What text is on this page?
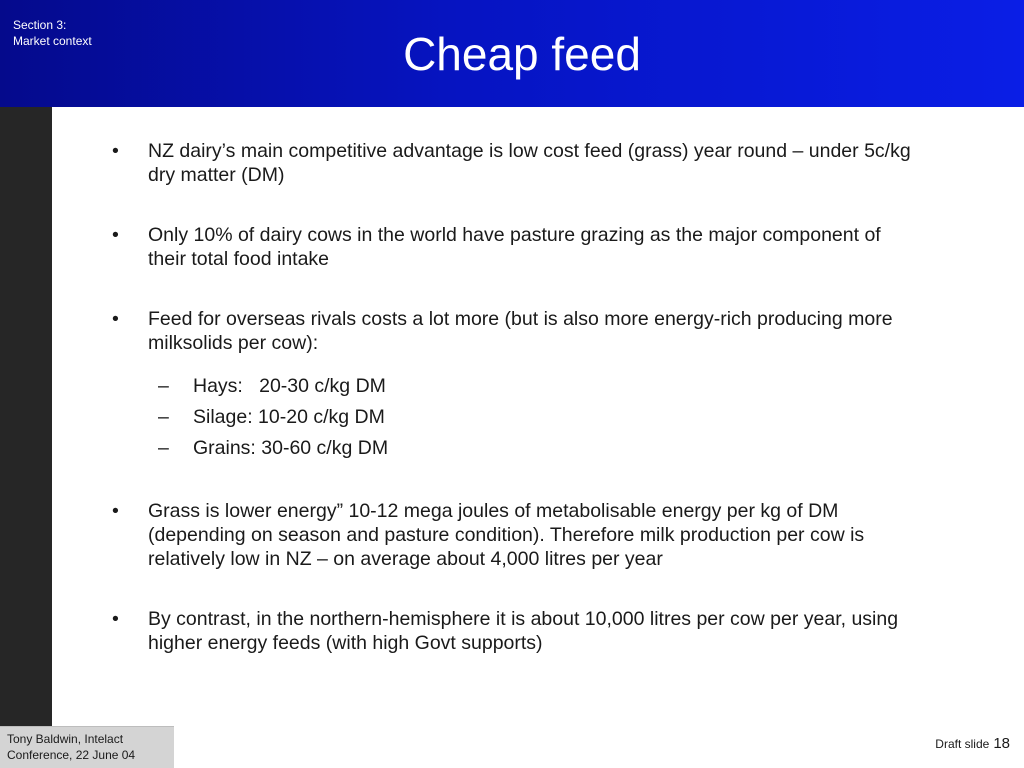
Section 3:
Market context	Cheap feed

• NZ dairy’s main competitive advantage is low cost feed (grass) year round – under 5c/kg dry matter (DM)

• Only 10% of dairy cows in the world have pasture grazing as the major component of their total food intake

• Feed for overseas rivals costs a lot more (but is also more energy-rich producing more milksolids per cow):

– Hays:   20-30 c/kg DM

– Silage: 10-20 c/kg DM

– Grains: 30-60 c/kg DM

• Grass is lower energy” 10-12 mega joules of metabolisable energy per kg of DM (depending on season and pasture condition). Therefore milk production per cow is relatively low in NZ – on average about 4,000 litres per year

• By contrast, in the northern-hemisphere it is about 10,000 litres per cow per year, using higher energy feeds (with high Govt supports)

Tony Baldwin, Intelact
Conference, 22 June 04
Draft slide 18
